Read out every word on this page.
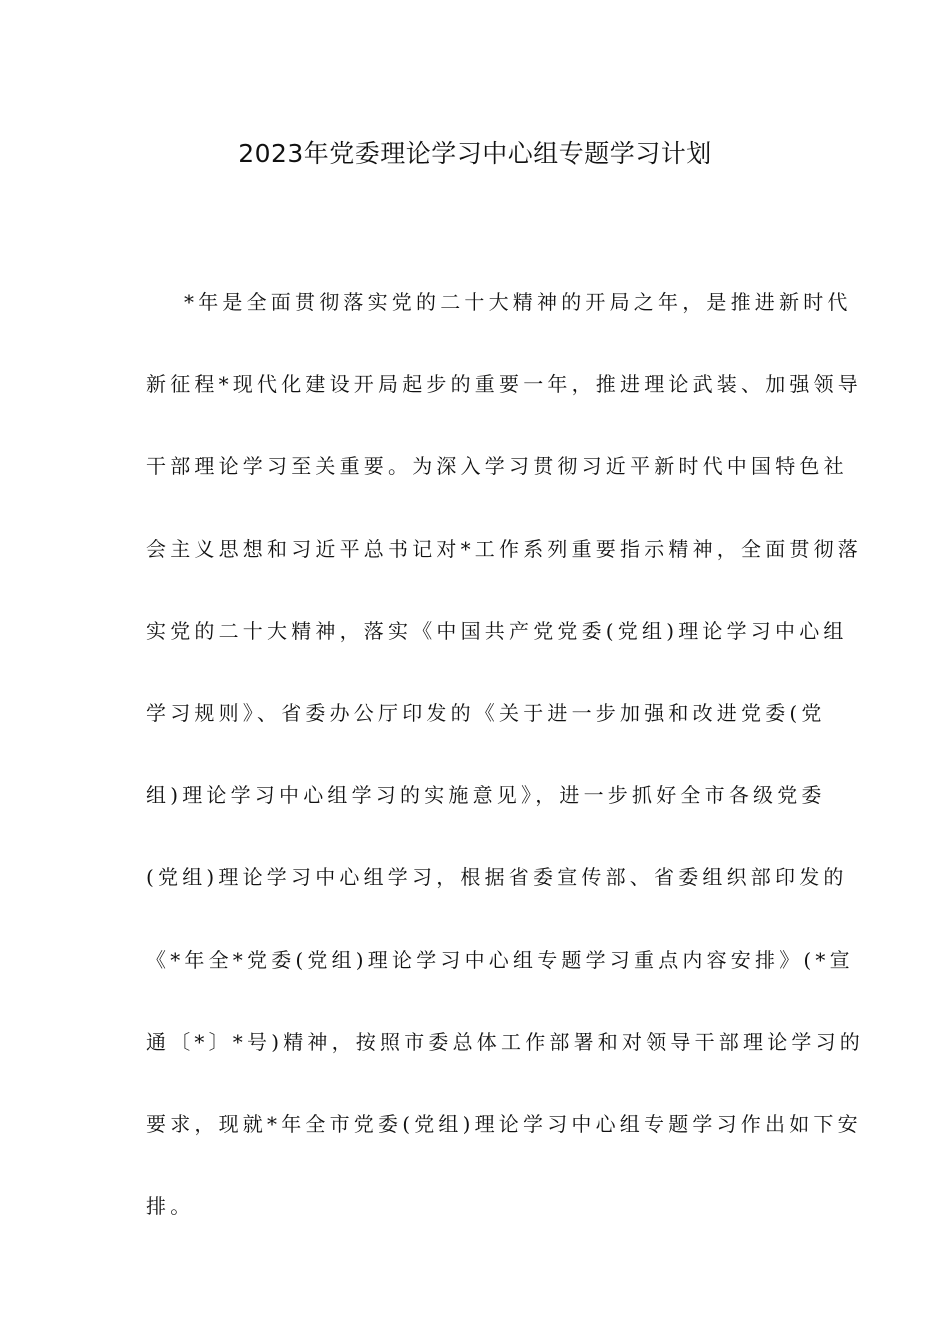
2023年党委理论学习中心组专题学习计划
*年是全面贯彻落实党的二十大精神的开局之年，是推进新时代
新征程*现代化建设开局起步的重要一年，推进理论武装、加强领导
干部理论学习至关重要。为深入学习贯彻习近平新时代中国特色社
会主义思想和习近平总书记对*工作系列重要指示精神，全面贯彻落
实党的二十大精神，落实《中国共产党党委(党组)理论学习中心组
学习规则》、省委办公厅印发的《关于进一步加强和改进党委(党
组)理论学习中心组学习的实施意见》，进一步抓好全市各级党委
(党组)理论学习中心组学习，根据省委宣传部、省委组织部印发的
《*年全*党委(党组)理论学习中心组专题学习重点内容安排》(*宣
通〔*〕*号)精神，按照市委总体工作部署和对领导干部理论学习的
要求，现就*年全市党委(党组)理论学习中心组专题学习作出如下安
排。
